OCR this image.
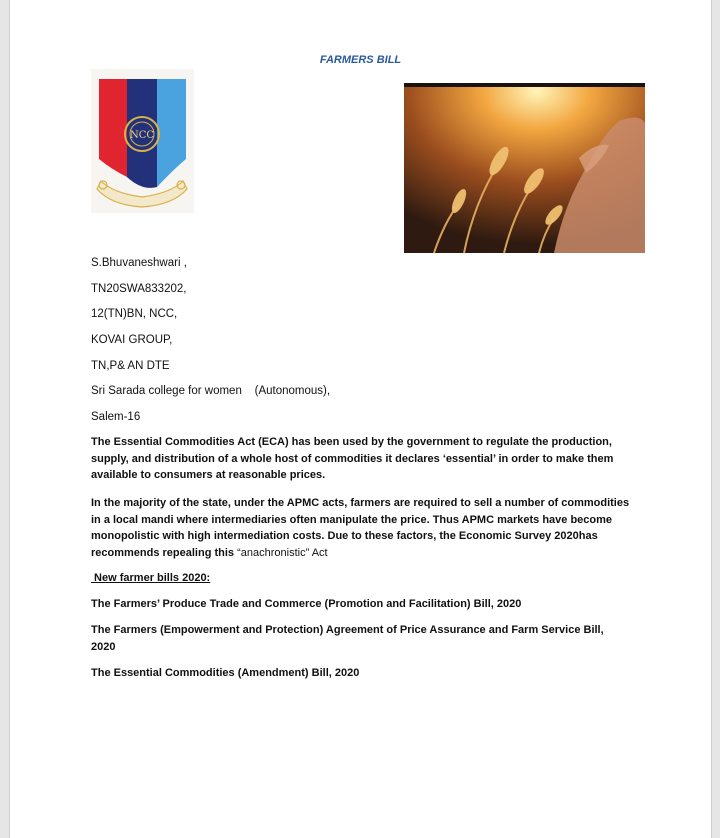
FARMERS BILL
NCC
S.Bhuvaneshwari ,
TN20SWA833202,
12(TN)BN, NCC,
KOVAI GROUP,
TN,P& AN DTE
Sri Sarada college for women    (Autonomous),
Salem-16
The Essential Commodities Act (ECA) has been used by the government to regulate the production, supply, and distribution of a whole host of commodities it declares ‘essential’ in order to make them available to consumers at reasonable prices.
In the majority of the state, under the APMC acts, farmers are required to sell a number of commodities in a local mandi where intermediaries often manipulate the price. Thus APMC markets have become monopolistic with high intermediation costs. Due to these factors, the Economic Survey 2020has recommends repealing this “anachronistic” Act
New farmer bills 2020:
The Farmers’ Produce Trade and Commerce (Promotion and Facilitation) Bill, 2020
The Farmers (Empowerment and Protection) Agreement of Price Assurance and Farm Service Bill, 2020
The Essential Commodities (Amendment) Bill, 2020
